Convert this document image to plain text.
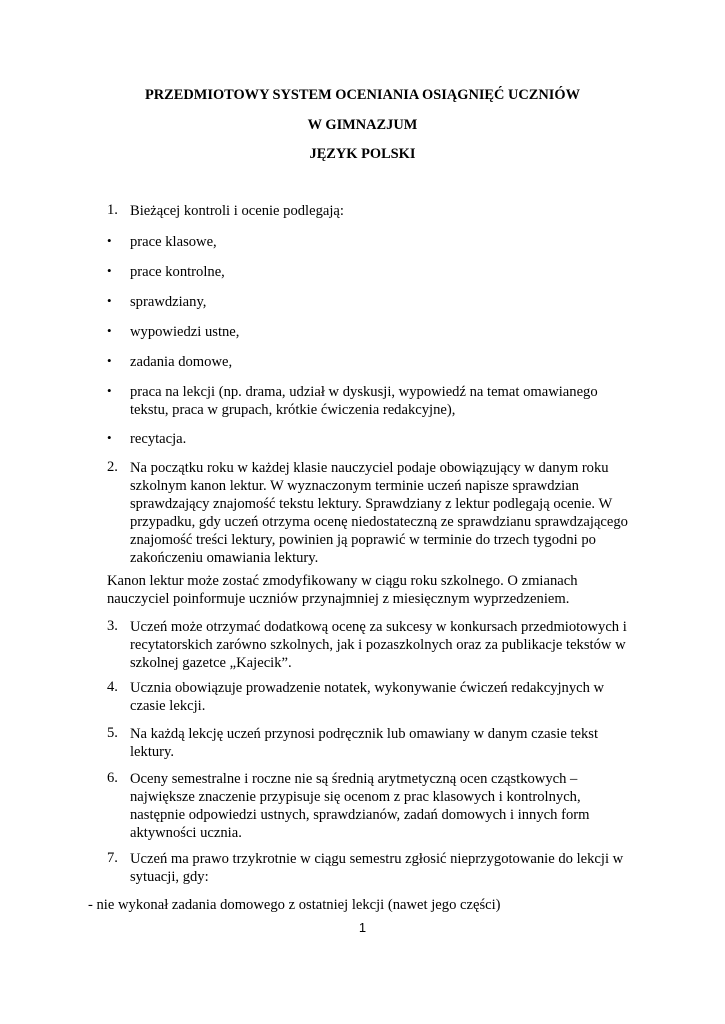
PRZEDMIOTOWY SYSTEM OCENIANIA OSIĄGNIĘĆ UCZNIÓW
W GIMNAZJUM
JĘZYK POLSKI
1. Bieżącej kontroli i ocenie podlegają:
• prace klasowe,
• prace kontrolne,
• sprawdziany,
• wypowiedzi ustne,
• zadania domowe,
• praca na lekcji (np. drama, udział w dyskusji, wypowiedź na temat omawianego tekstu, praca w grupach, krótkie ćwiczenia redakcyjne),
• recytacja.
2. Na początku roku w każdej klasie nauczyciel podaje obowiązujący w danym roku szkolnym kanon lektur. W wyznaczonym terminie uczeń napisze sprawdzian sprawdzający znajomość tekstu lektury. Sprawdziany z lektur podlegają ocenie. W przypadku, gdy uczeń otrzyma ocenę niedostateczną ze sprawdzianu sprawdzającego znajomość treści lektury, powinien ją poprawić w terminie do trzech tygodni po zakończeniu omawiania lektury.
Kanon lektur może zostać zmodyfikowany w ciągu roku szkolnego. O zmianach nauczyciel poinformuje uczniów przynajmniej z miesięcznym wyprzedzeniem.
3. Uczeń może otrzymać dodatkową ocenę za sukcesy w konkursach przedmiotowych i recytatorskich zarówno szkolnych, jak i pozaszkolnych oraz za publikacje tekstów w szkolnej gazetce „Kajecik”.
4. Ucznia obowiązuje prowadzenie notatek, wykonywanie ćwiczeń redakcyjnych w czasie lekcji.
5. Na każdą lekcję uczeń przynosi podręcznik lub omawiany w danym czasie tekst lektury.
6. Oceny semestralne i roczne nie są średnią arytmetyczną ocen cząstkowych – największe znaczenie przypisuje się ocenom z prac klasowych i kontrolnych, następnie odpowiedzi ustnych, sprawdzianów, zadań domowych i innych form aktywności ucznia.
7. Uczeń ma prawo trzykrotnie w ciągu semestru zgłosić nieprzygotowanie do lekcji w sytuacji, gdy:
- nie wykonał zadania domowego z ostatniej lekcji (nawet jego części)
1
